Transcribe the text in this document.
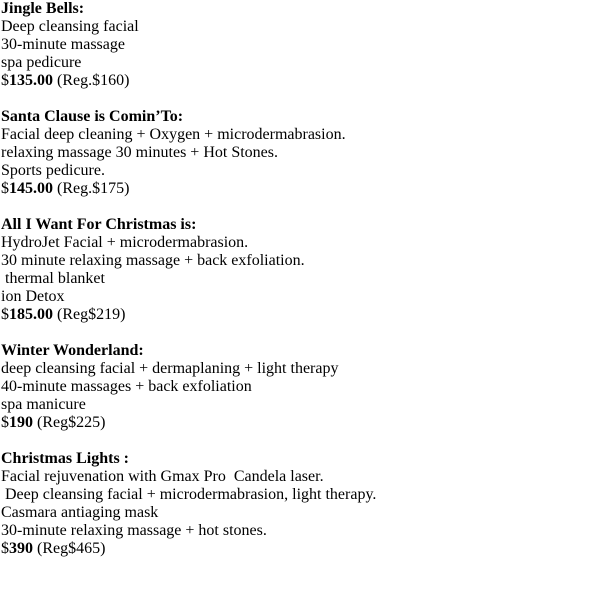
Jingle Bells:

Deep cleansing facial

30-minute massage

spa pedicure

$135.00 (Reg.$160)

Santa Clause is Comin’To:

Facial deep cleaning + Oxygen + microdermabrasion.

relaxing massage 30 minutes + Hot Stones.

Sports pedicure.

$145.00 (Reg.$175)

All I Want For Christmas is:

HydroJet Facial + microdermabrasion.

30 minute relaxing massage + back exfoliation.

thermal blanket

ion Detox

$185.00 (Reg$219)

Winter Wonderland:

deep cleansing facial + dermaplaning + light therapy

40-minute massages + back exfoliation

spa manicure

$190 (Reg$225)

Christmas Lights :

Facial rejuvenation with Gmax Pro  Candela laser.

Deep cleansing facial + microdermabrasion, light therapy.

Casmara antiaging mask

30-minute relaxing massage + hot stones.

$390 (Reg$465)
